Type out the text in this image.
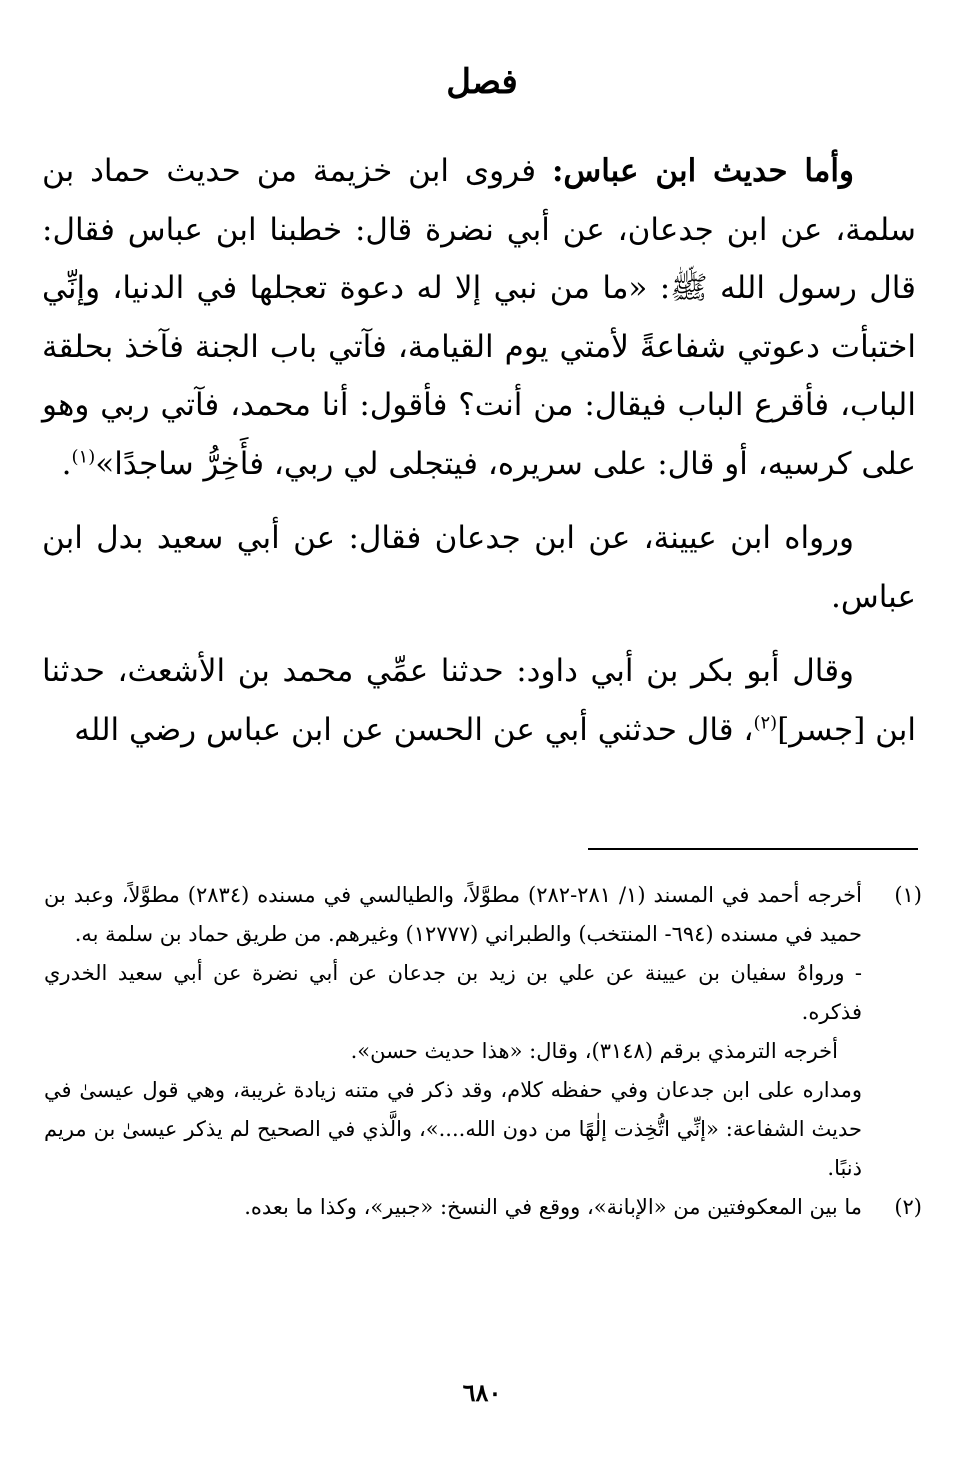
فصل

وأما حديث ابن عباس: فروى ابن خزيمة من حديث حماد بن سلمة، عن ابن جدعان، عن أبي نضرة قال: خطبنا ابن عباس فقال: قال رسول الله ﷺ: «ما من نبي إلا له دعوة تعجلها في الدنيا، وإنِّي اختبأت دعوتي شفاعةً لأمتي يوم القيامة، فآتي باب الجنة فآخذ بحلقة الباب، فأقرع الباب فيقال: من أنت؟ فأقول: أنا محمد، فآتي ربي وهو على كرسيه، أو قال: على سريره، فيتجلى لي ربي، فأَخِرُّ ساجدًا»$^{(١)}$.

ورواه ابن عيينة، عن ابن جدعان فقال: عن أبي سعيد بدل ابن عباس.

وقال أبو بكر بن أبي داود: حدثنا عمِّي محمد بن الأشعث، حدثنا ابن [جسر]$^{(٢)}$، قال حدثني أبي عن الحسن عن ابن عباس رضي الله

(١)

أخرجه أحمد في المسند (١/ ٢٨١-٢٨٢) مطوَّلاً، والطيالسي في مسنده (٢٨٣٤) مطوَّلاً، وعبد بن حميد في مسنده (٦٩٤- المنتخب) والطبراني (١٢٧٧٧) وغيرهم. من طريق حماد بن سلمة به.

- ورواهُ سفيان بن عيينة عن علي بن زيد بن جدعان عن أبي نضرة عن أبي سعيد الخدري فذكره.

أخرجه الترمذي برقم (٣١٤٨)، وقال: «هذا حديث حسن».

ومداره على ابن جدعان وفي حفظه كلام، وقد ذكر في متنه زيادة غريبة، وهي قول عيسىٰ في حديث الشفاعة: «إنِّي اتُّخِذت إلٰهًا من دون الله....»، والَّذي في الصحيح لم يذكر عيسىٰ بن مريم ذنبًا.

(٢)

ما بين المعكوفتين من «الإبانة»، ووقع في النسخ: «جبير»، وكذا ما بعده.

٦٨٠
